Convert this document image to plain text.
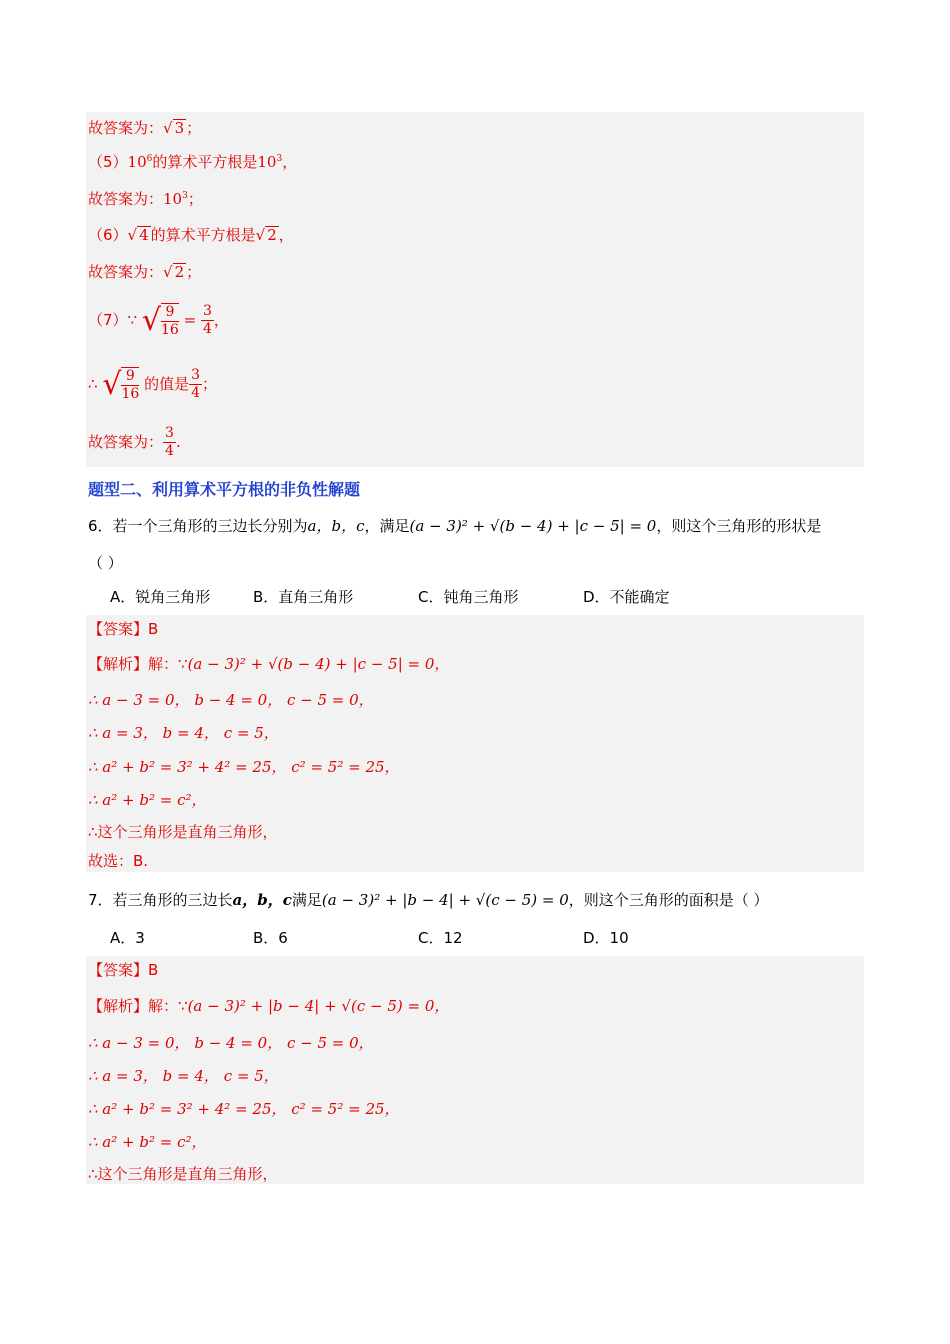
故答案为：√ 3 ；
$(5)10^6$的算术平方根是$10^3$，
故答案为：$10^3$；
（6）√ 4 的算术平方根是√ 2 ，
故答案为：√ 2 ；
（7）∵ √ $\frac{9}{16} = \frac{3}{4}$ ，
∴ √ $\frac{9}{16}$ 的值是 $\frac{3}{4}$ ；
故答案为： $\frac{3}{4}$ .
题型二、利用算术平方根的非负性解题
6．若一个三角形的三边长分别为a，b，c，满足(a − 3)² + √(b − 4) + |c − 5| = 0，则这个三角形的形状是
（ ）
A．锐角三角形	B．直角三角形	C．钝角三角形	D．不能确定
【答案】B
【解析】解：∵(a − 3)² + √(b − 4) + |c − 5| = 0，
∴ a − 3 = 0， b − 4 = 0， c − 5 = 0，
∴ a = 3， b = 4， c = 5，
∴ a² + b² = 3² + 4² = 25， c² = 5² = 25，
∴ a² + b² = c²，
∴这个三角形是直角三角形，
故选：B.
7．若三角形的三边长a，b，c满足(a − 3)² + |b − 4| + √(c − 5) = 0，则这个三角形的面积是（ ）
A．3	B．6	C．12	D．10
【答案】B
【解析】解：∵(a − 3)² + |b − 4| + √(c − 5) = 0，
∴ a − 3 = 0， b − 4 = 0， c − 5 = 0，
∴ a = 3， b = 4， c = 5，
∴ a² + b² = 3² + 4² = 25， c² = 5² = 25，
∴ a² + b² = c²，
∴这个三角形是直角三角形，
